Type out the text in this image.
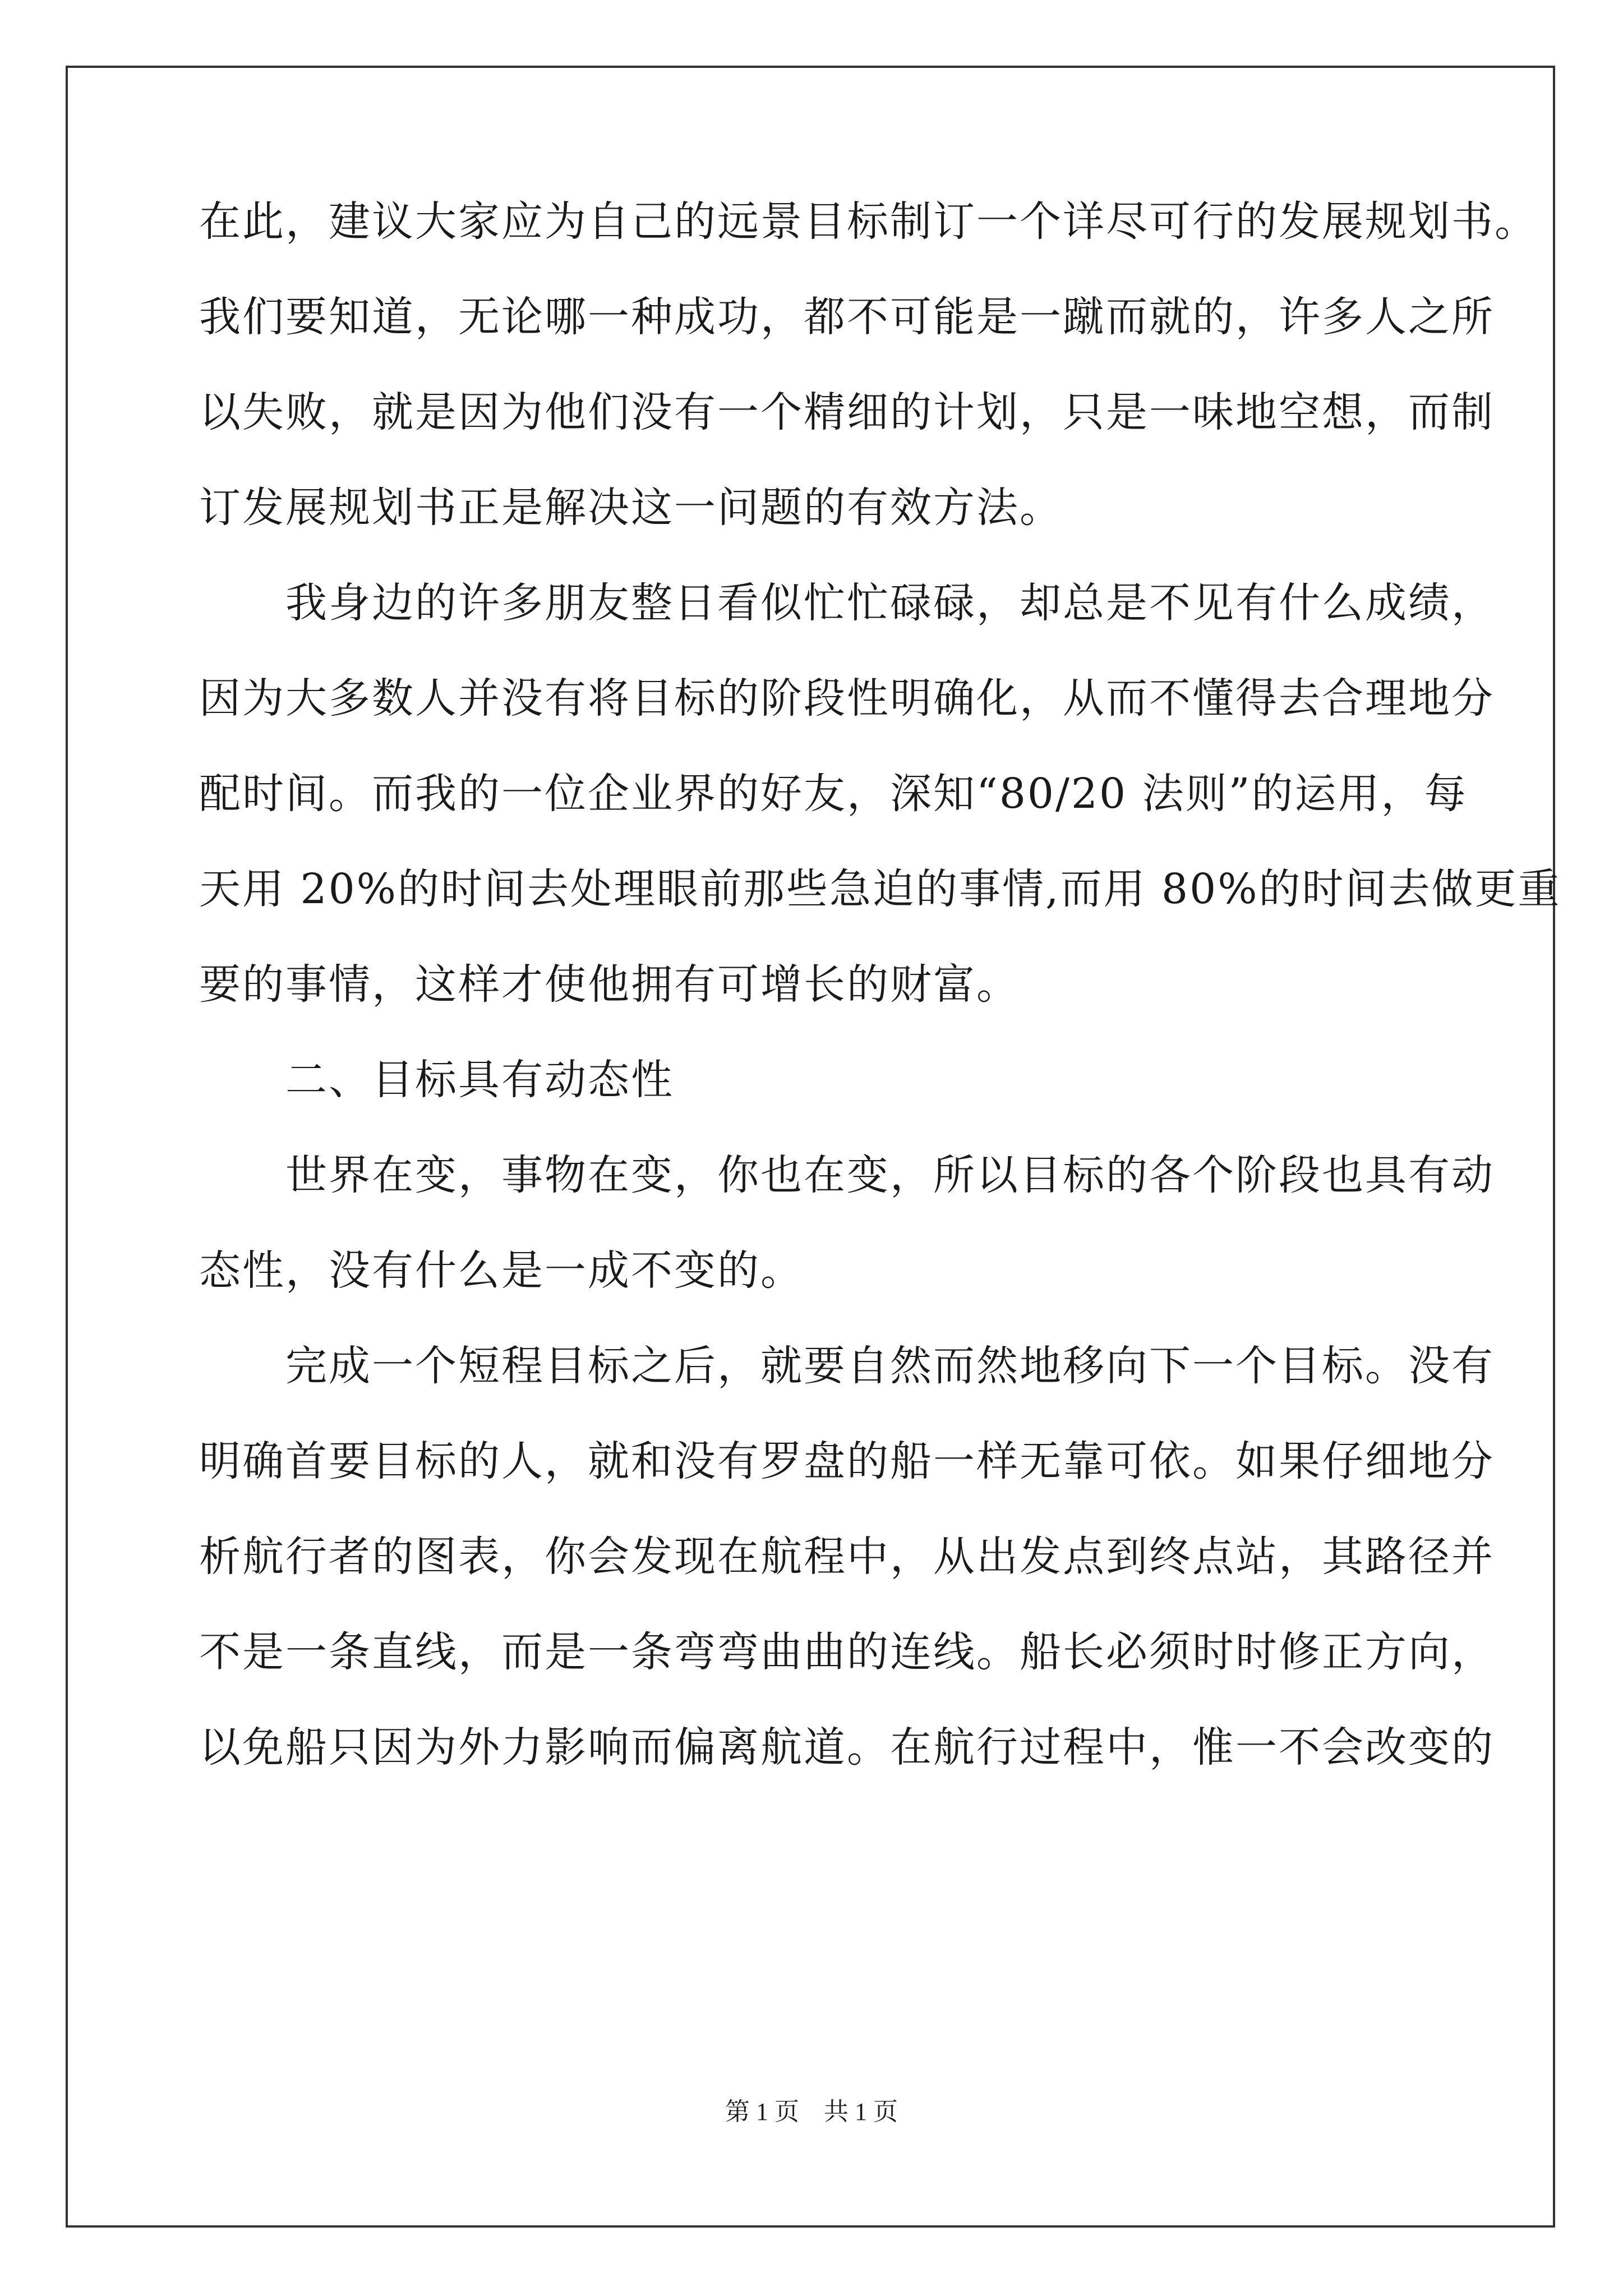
在此，建议大家应为自己的远景目标制订一个详尽可行的发展规划书。
我们要知道，无论哪一种成功，都不可能是一蹴而就的，许多人之所
以失败，就是因为他们没有一个精细的计划，只是一味地空想，而制
订发展规划书正是解决这一问题的有效方法。
　　我身边的许多朋友整日看似忙忙碌碌，却总是不见有什么成绩，
因为大多数人并没有将目标的阶段性明确化，从而不懂得去合理地分
配时间。而我的一位企业界的好友，深知“80/20 法则”的运用，每
天用 20%的时间去处理眼前那些急迫的事情,而用 80%的时间去做更重
要的事情，这样才使他拥有可增长的财富。
　　二、目标具有动态性
　　世界在变，事物在变，你也在变，所以目标的各个阶段也具有动
态性，没有什么是一成不变的。
　　完成一个短程目标之后，就要自然而然地移向下一个目标。没有
明确首要目标的人，就和没有罗盘的船一样无靠可依。如果仔细地分
析航行者的图表，你会发现在航程中，从出发点到终点站，其路径并
不是一条直线，而是一条弯弯曲曲的连线。船长必须时时修正方向，
以免船只因为外力影响而偏离航道。在航行过程中，惟一不会改变的
第 1 页　共 1 页
